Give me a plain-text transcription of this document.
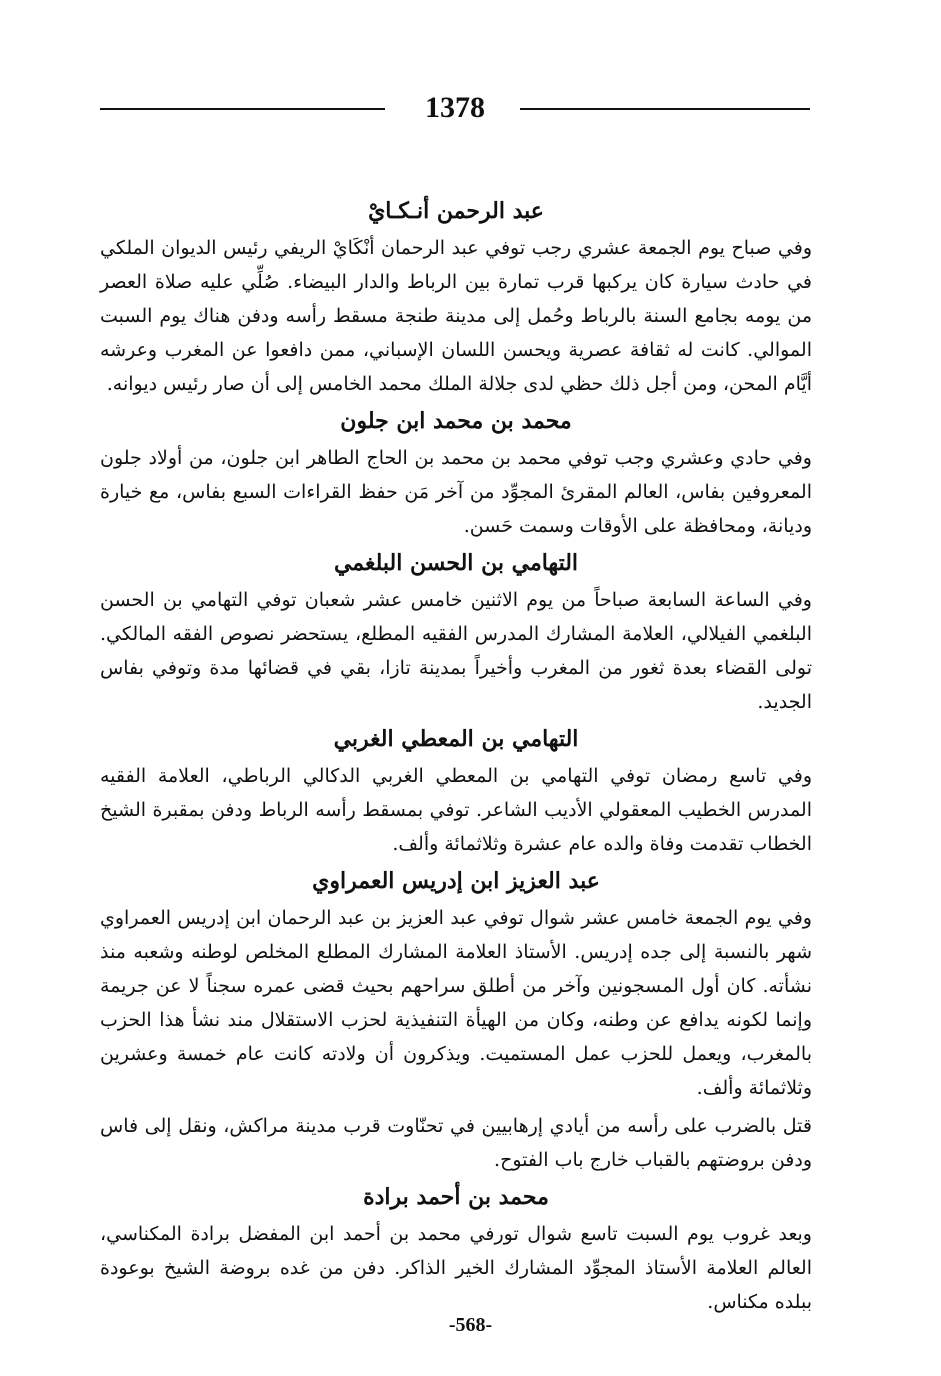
1378
عبد الرحمن أنـكـايْ

وفي صباح يوم الجمعة عشري رجب توفي عبد الرحمان أنْكَايْ الريفي رئيس الديوان الملكي في حادث سيارة كان يركبها قرب تمارة بين الرباط والدار البيضاء. صُلِّي عليه صلاة العصر من يومه بجامع السنة بالرباط وحُمل إلى مدينة طنجة مسقط رأسه ودفن هناك يوم السبت الموالي. كانت له ثقافة عصرية ويحسن اللسان الإسباني، ممن دافعوا عن المغرب وعرشه أيَّام المحن، ومن أجل ذلك حظي لدى جلالة الملك محمد الخامس إلى أن صار رئيس ديوانه.

محمد بن محمد ابن جلون

وفي حادي وعشري وجب توفي محمد بن محمد بن الحاج الطاهر ابن جلون، من أولاد جلون المعروفين بفاس، العالم المقرئ المجوِّد من آخر مَن حفظ القراءات السبع بفاس، مع خيارة وديانة، ومحافظة على الأوقات وسمت حَسن.

التهامي بن الحسن البلغمي

وفي الساعة السابعة صباحاً من يوم الاثنين خامس عشر شعبان توفي التهامي بن الحسن البلغمي الفيلالي، العلامة المشارك المدرس الفقيه المطلع، يستحضر نصوص الفقه المالكي. تولى القضاء بعدة ثغور من المغرب وأخيراً بمدينة تازا، بقي في قضائها مدة وتوفي بفاس الجديد.

التهامي بن المعطي الغربي

وفي تاسع رمضان توفي التهامي بن المعطي الغربي الدكالي الرباطي، العلامة الفقيه المدرس الخطيب المعقولي الأديب الشاعر. توفي بمسقط رأسه الرباط ودفن بمقبرة الشيخ الخطاب تقدمت وفاة والده عام عشرة وثلاثمائة وألف.

عبد العزيز ابن إدريس العمراوي

وفي يوم الجمعة خامس عشر شوال توفي عبد العزيز بن عبد الرحمان ابن إدريس العمراوي شهر بالنسبة إلى جده إدريس. الأستاذ العلامة المشارك المطلع المخلص لوطنه وشعبه منذ نشأته. كان أول المسجونين وآخر من أطلق سراحهم بحيث قضى عمره سجناً لا عن جريمة وإنما لكونه يدافع عن وطنه، وكان من الهيأة التنفيذية لحزب الاستقلال مند نشأ هذا الحزب بالمغرب، ويعمل للحزب عمل المستميت. ويذكرون أن ولادته كانت عام خمسة وعشرين وثلاثمائة وألف.

قتل بالضرب على رأسه من أيادي إرهابيين في تحنّاوت قرب مدينة مراكش، ونقل إلى فاس ودفن بروضتهم بالقباب خارج باب الفتوح.

محمد بن أحمد برادة

وبعد غروب يوم السبت تاسع شوال تورفي محمد بن أحمد ابن المفضل برادة المكناسي، العالم العلامة الأستاذ المجوِّد المشارك الخير الذاكر. دفن من غده بروضة الشيخ بوعودة ببلده مكناس.

-568-
